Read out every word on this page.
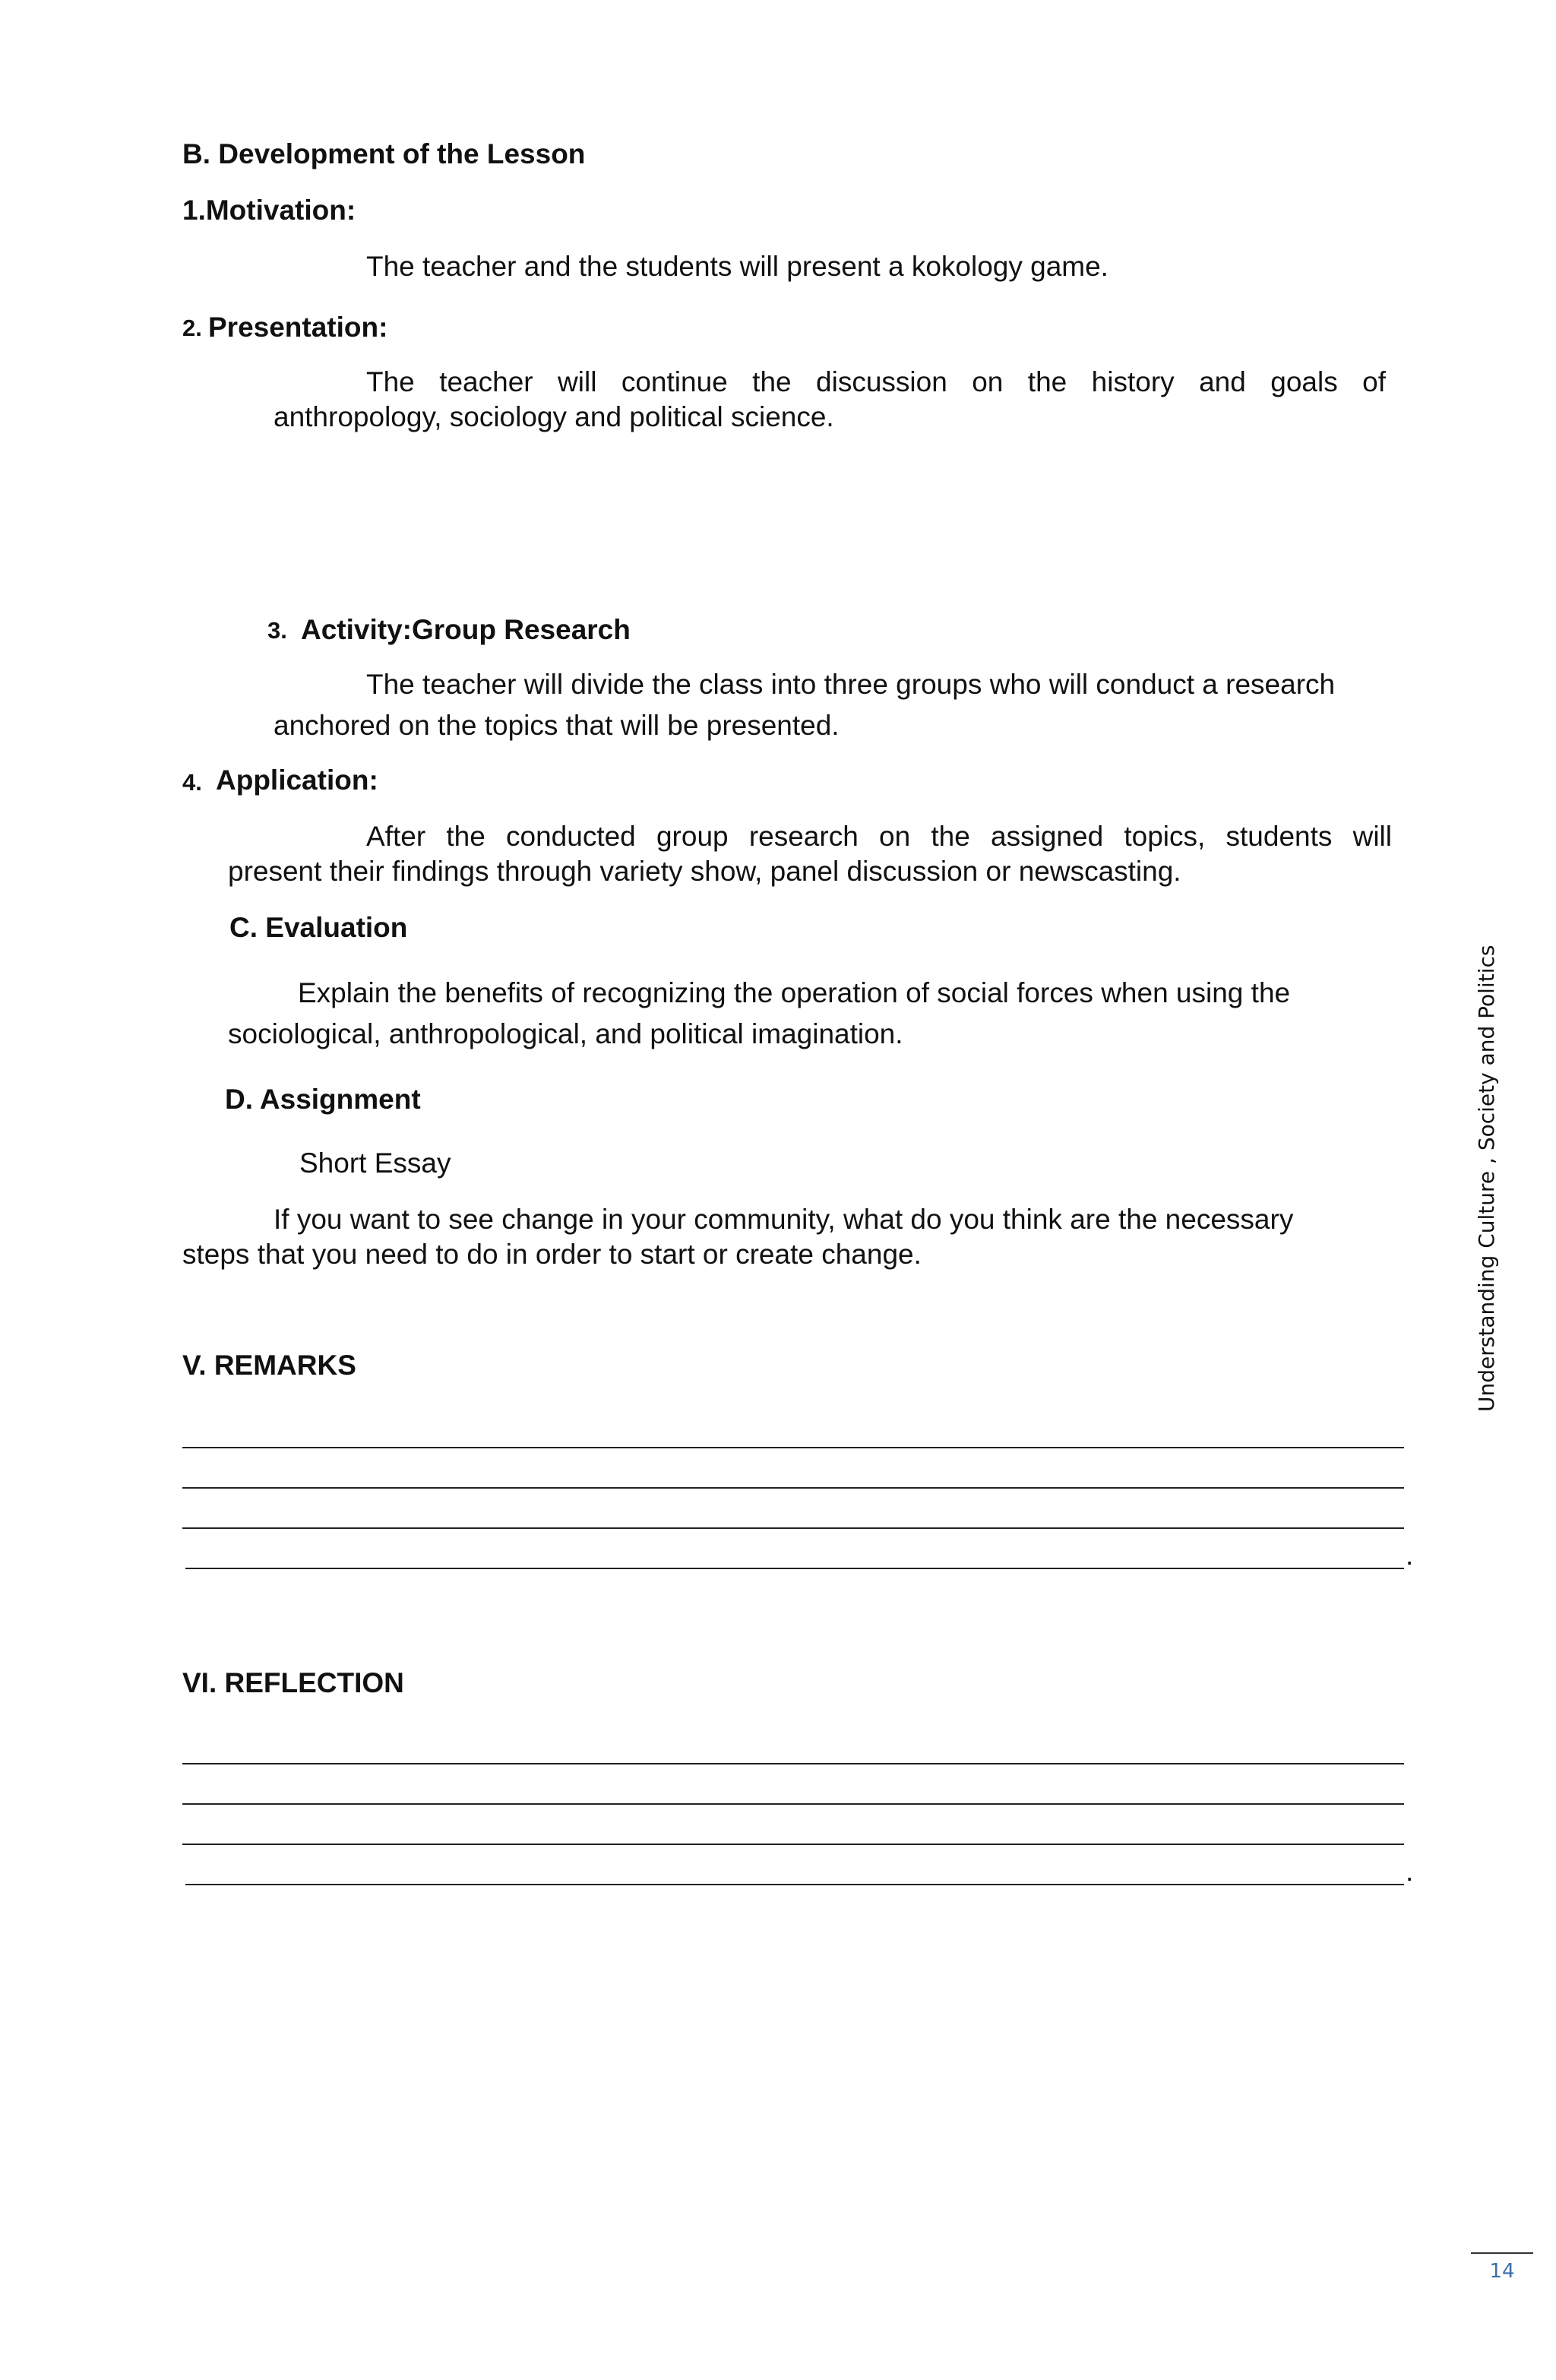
B. Development of the Lesson
1.Motivation:
The teacher and the students will present a kokology game.
2. Presentation:
The teacher will continue the discussion on the history and goals of
anthropology, sociology and political science.
3. Activity:Group Research
The teacher will divide the class into three groups who will conduct a research
anchored on the topics that will be presented.
4. Application:
After the conducted group research on the assigned topics, students will
present their findings through variety show, panel discussion or newscasting.
C. Evaluation
Explain the benefits of recognizing the operation of social forces when using the
sociological, anthropological, and political imagination.
D. Assignment
Short Essay
If you want to see change in your community, what do you think are the necessary
steps that you need to do in order to start or create change.
V. REMARKS
.
VI. REFLECTION
.
Understanding Culture , Society and Politics
14
